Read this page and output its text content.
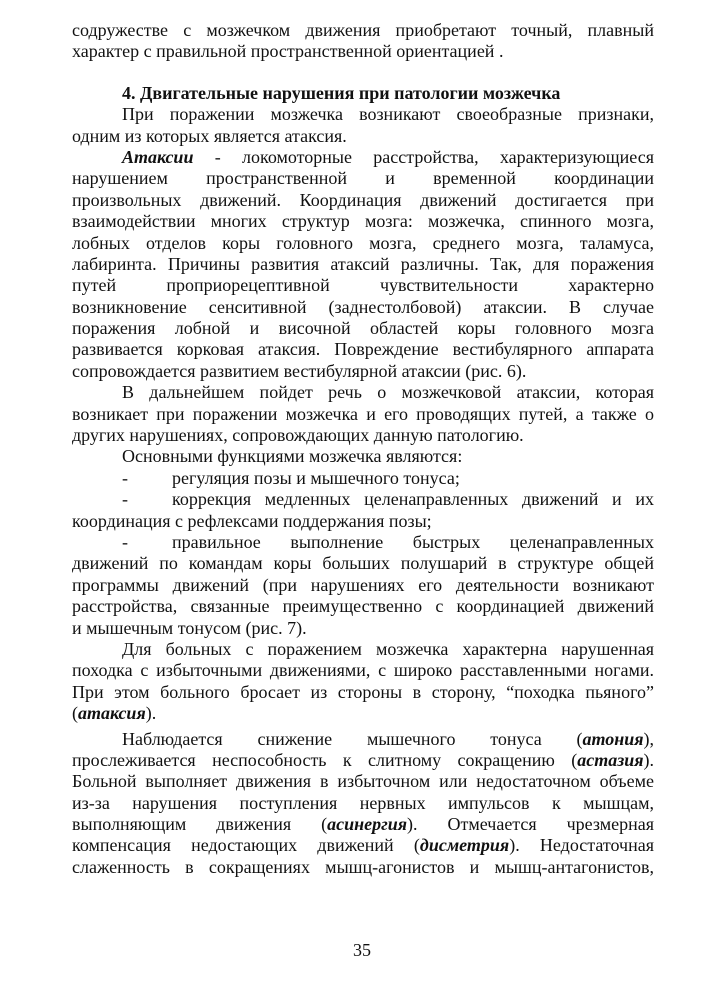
содружестве с мозжечком движения приобретают точный, плавный
характер с правильной пространственной ориентацией .
4. Двигательные нарушения при патологии мозжечка
При поражении мозжечка возникают своеобразные признаки,
одним из которых является атаксия.
Атаксии - локомоторные расстройства, характеризующиеся
нарушением пространственной и временной координации
произвольных движений. Координация движений достигается при
взаимодействии многих структур мозга: мозжечка, спинного мозга,
лобных отделов коры головного мозга, среднего мозга, таламуса,
лабиринта. Причины развития атаксий различны. Так, для поражения
путей проприорецептивной чувствительности характерно
возникновение сенситивной (заднестолбовой) атаксии. В случае
поражения лобной и височной областей коры головного мозга
развивается корковая атаксия. Повреждение вестибулярного аппарата
сопровождается развитием вестибулярной атаксии (рис. 6).
В дальнейшем пойдет речь о мозжечковой атаксии, которая
возникает при поражении мозжечка и его проводящих путей, а также о
других нарушениях, сопровождающих данную патологию.
Основными функциями мозжечка являются:
- регуляция позы и мышечного тонуса;
-	коррекция медленных целенаправленных движений и их
координация с рефлексами поддержания позы;
-	правильное выполнение быстрых целенаправленных
движений по командам коры больших полушарий в структуре общей
программы движений (при нарушениях его деятельности возникают
расстройства, связанные преимущественно с координацией движений
и мышечным тонусом (рис. 7).
Для больных с поражением мозжечка характерна нарушенная
походка с избыточными движениями, с широко расставленными ногами.
При этом больного бросает из стороны в сторону, “походка пьяного”
(атаксия).
Наблюдается снижение мышечного тонуса (атония),
прослеживается неспособность к слитному сокращению (астазия).
Больной выполняет движения в избыточном или недостаточном объеме
из-за нарушения поступления нервных импульсов к мышцам,
выполняющим движения (асинергия). Отмечается чрезмерная
компенсация недостающих движений (дисметрия). Недостаточная
слаженность в сокращениях мышц-агонистов и мышц-антагонистов,
35
